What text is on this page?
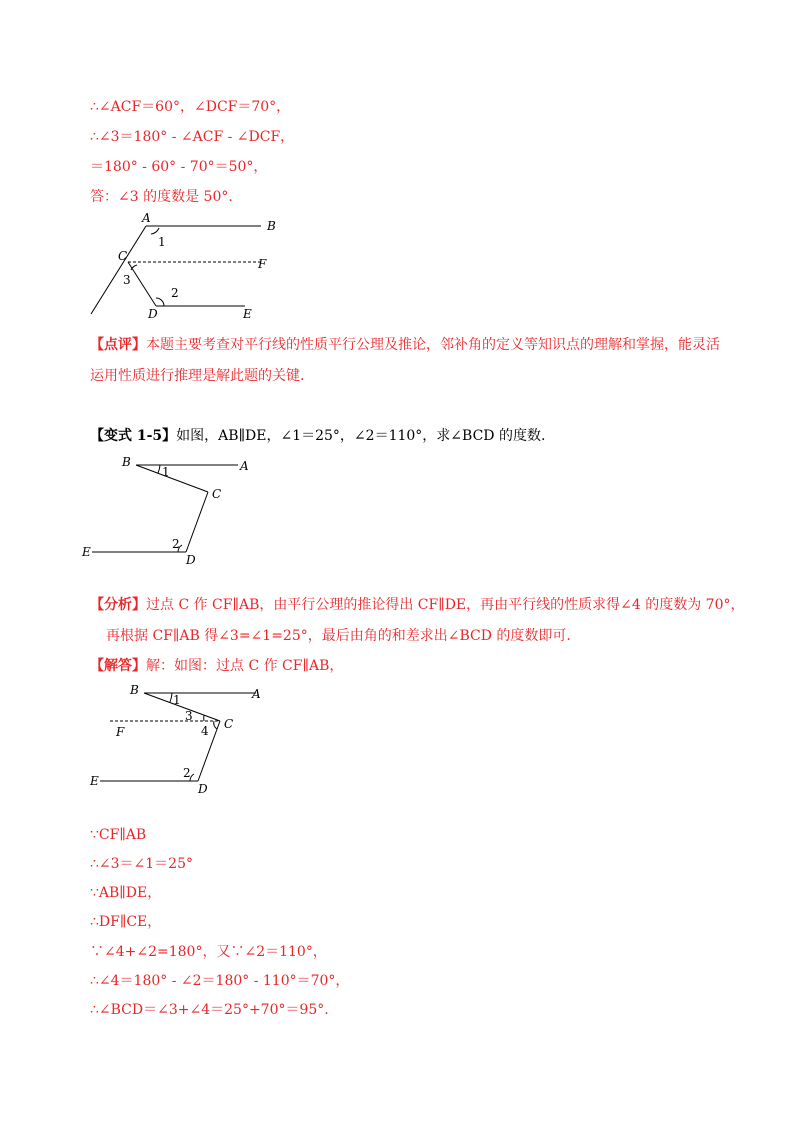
∴∠ACF＝60°，∠DCF＝70°，
∴∠3＝180° - ∠ACF - ∠DCF，
＝180° - 60° - 70°＝50°，
答：∠3 的度数是 50°.
A
B
C
F
D	E
1
2
3
【点评】本题主要考查对平行线的性质平行公理及推论，邻补角的定义等知识点的理解和掌握，能灵活
运用性质进行推理是解此题的关键.
【变式 1-5】如图，AB∥DE，∠1＝25°，∠2＝110°，求∠BCD 的度数.
B	A
C
E
D
1
2
【分析】过点 C 作 CF∥AB，由平行公理的推论得出 CF∥DE，再由平行线的性质求得∠4 的度数为 70°，
再根据 CF∥AB 得∠3=∠1=25°，最后由角的和差求出∠BCD 的度数即可.
【解答】解：如图：过点 C 作 CF∥AB，
B	A
C
F
E
D
1
3
4
2
∵CF∥AB
∴∠3＝∠1＝25°
∵AB∥DE，
∴DF∥CE，
∵∠4+∠2=180°，又∵∠2＝110°，
∴∠4＝180° - ∠2＝180° - 110°＝70°，
∴∠BCD＝∠3+∠4＝25°+70°＝95°.
